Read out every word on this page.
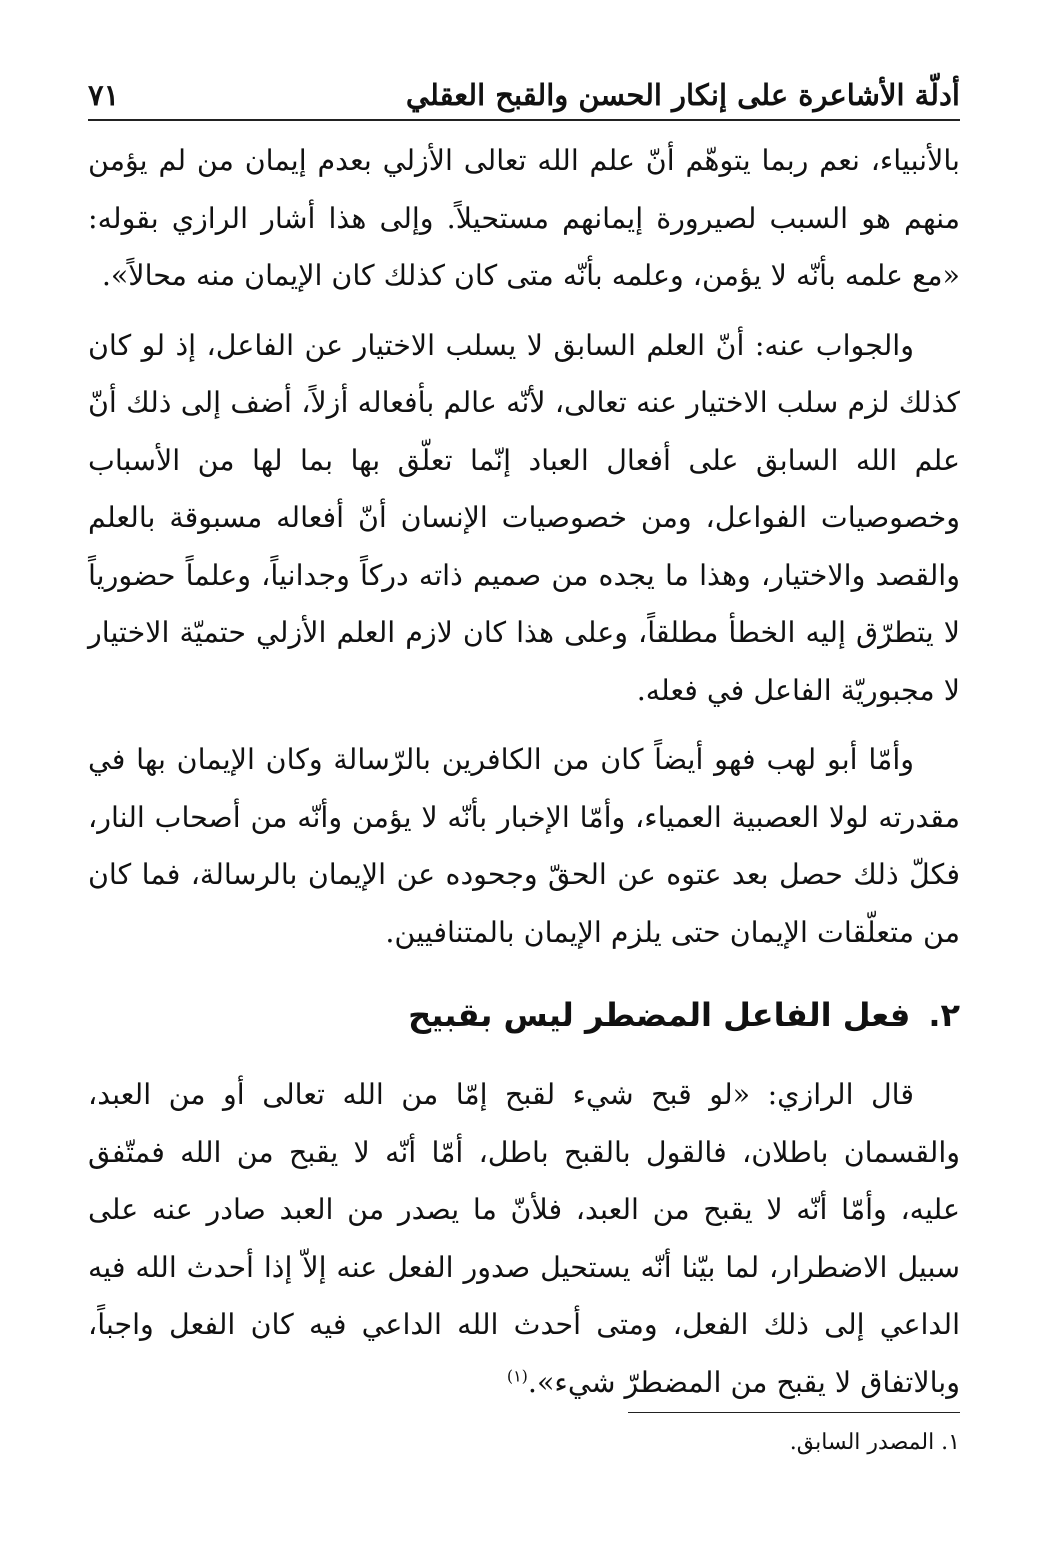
أدلّة الأشاعرة على إنكار الحسن والقبح العقلي
٧١

بالأنبياء، نعم ربما يتوهّم أنّ علم الله تعالى الأزلي بعدم إيمان من لم يؤمن منهم هو السبب لصيرورة إيمانهم مستحيلاً. وإلى هذا أشار الرازي بقوله: «مع علمه بأنّه لا يؤمن، وعلمه بأنّه متى كان كذلك كان الإيمان منه محالاً».

والجواب عنه: أنّ العلم السابق لا يسلب الاختيار عن الفاعل، إذ لو كان كذلك لزم سلب الاختيار عنه تعالى، لأنّه عالم بأفعاله أزلاً، أضف إلى ذلك أنّ علم الله السابق على أفعال العباد إنّما تعلّق بها بما لها من الأسباب وخصوصيات الفواعل، ومن خصوصيات الإنسان أنّ أفعاله مسبوقة بالعلم والقصد والاختيار، وهذا ما يجده من صميم ذاته دركاً وجدانياً، وعلماً حضورياً لا يتطرّق إليه الخطأ مطلقاً، وعلى هذا كان لازم العلم الأزلي حتميّة الاختيار لا مجبوريّة الفاعل في فعله.

وأمّا أبو لهب فهو أيضاً كان من الكافرين بالرّسالة وكان الإيمان بها في مقدرته لولا العصبية العمياء، وأمّا الإخبار بأنّه لا يؤمن وأنّه من أصحاب النار، فكلّ ذلك حصل بعد عتوه عن الحقّ وجحوده عن الإيمان بالرسالة، فما كان من متعلّقات الإيمان حتى يلزم الإيمان بالمتنافيين.

٢.
فعل الفاعل المضطر ليس بقبيح

قال الرازي: «لو قبح شيء لقبح إمّا من الله تعالى أو من العبد، والقسمان باطلان، فالقول بالقبح باطل، أمّا أنّه لا يقبح من الله فمتّفق عليه، وأمّا أنّه لا يقبح من العبد، فلأنّ ما يصدر من العبد صادر عنه على سبيل الاضطرار، لما بيّنا أنّه يستحيل صدور الفعل عنه إلاّ إذا أحدث الله فيه الداعي إلى ذلك الفعل، ومتى أحدث الله الداعي فيه كان الفعل واجباً، وبالاتفاق لا يقبح من المضطرّ شيء».$^{(١)}$

١. المصدر السابق.
